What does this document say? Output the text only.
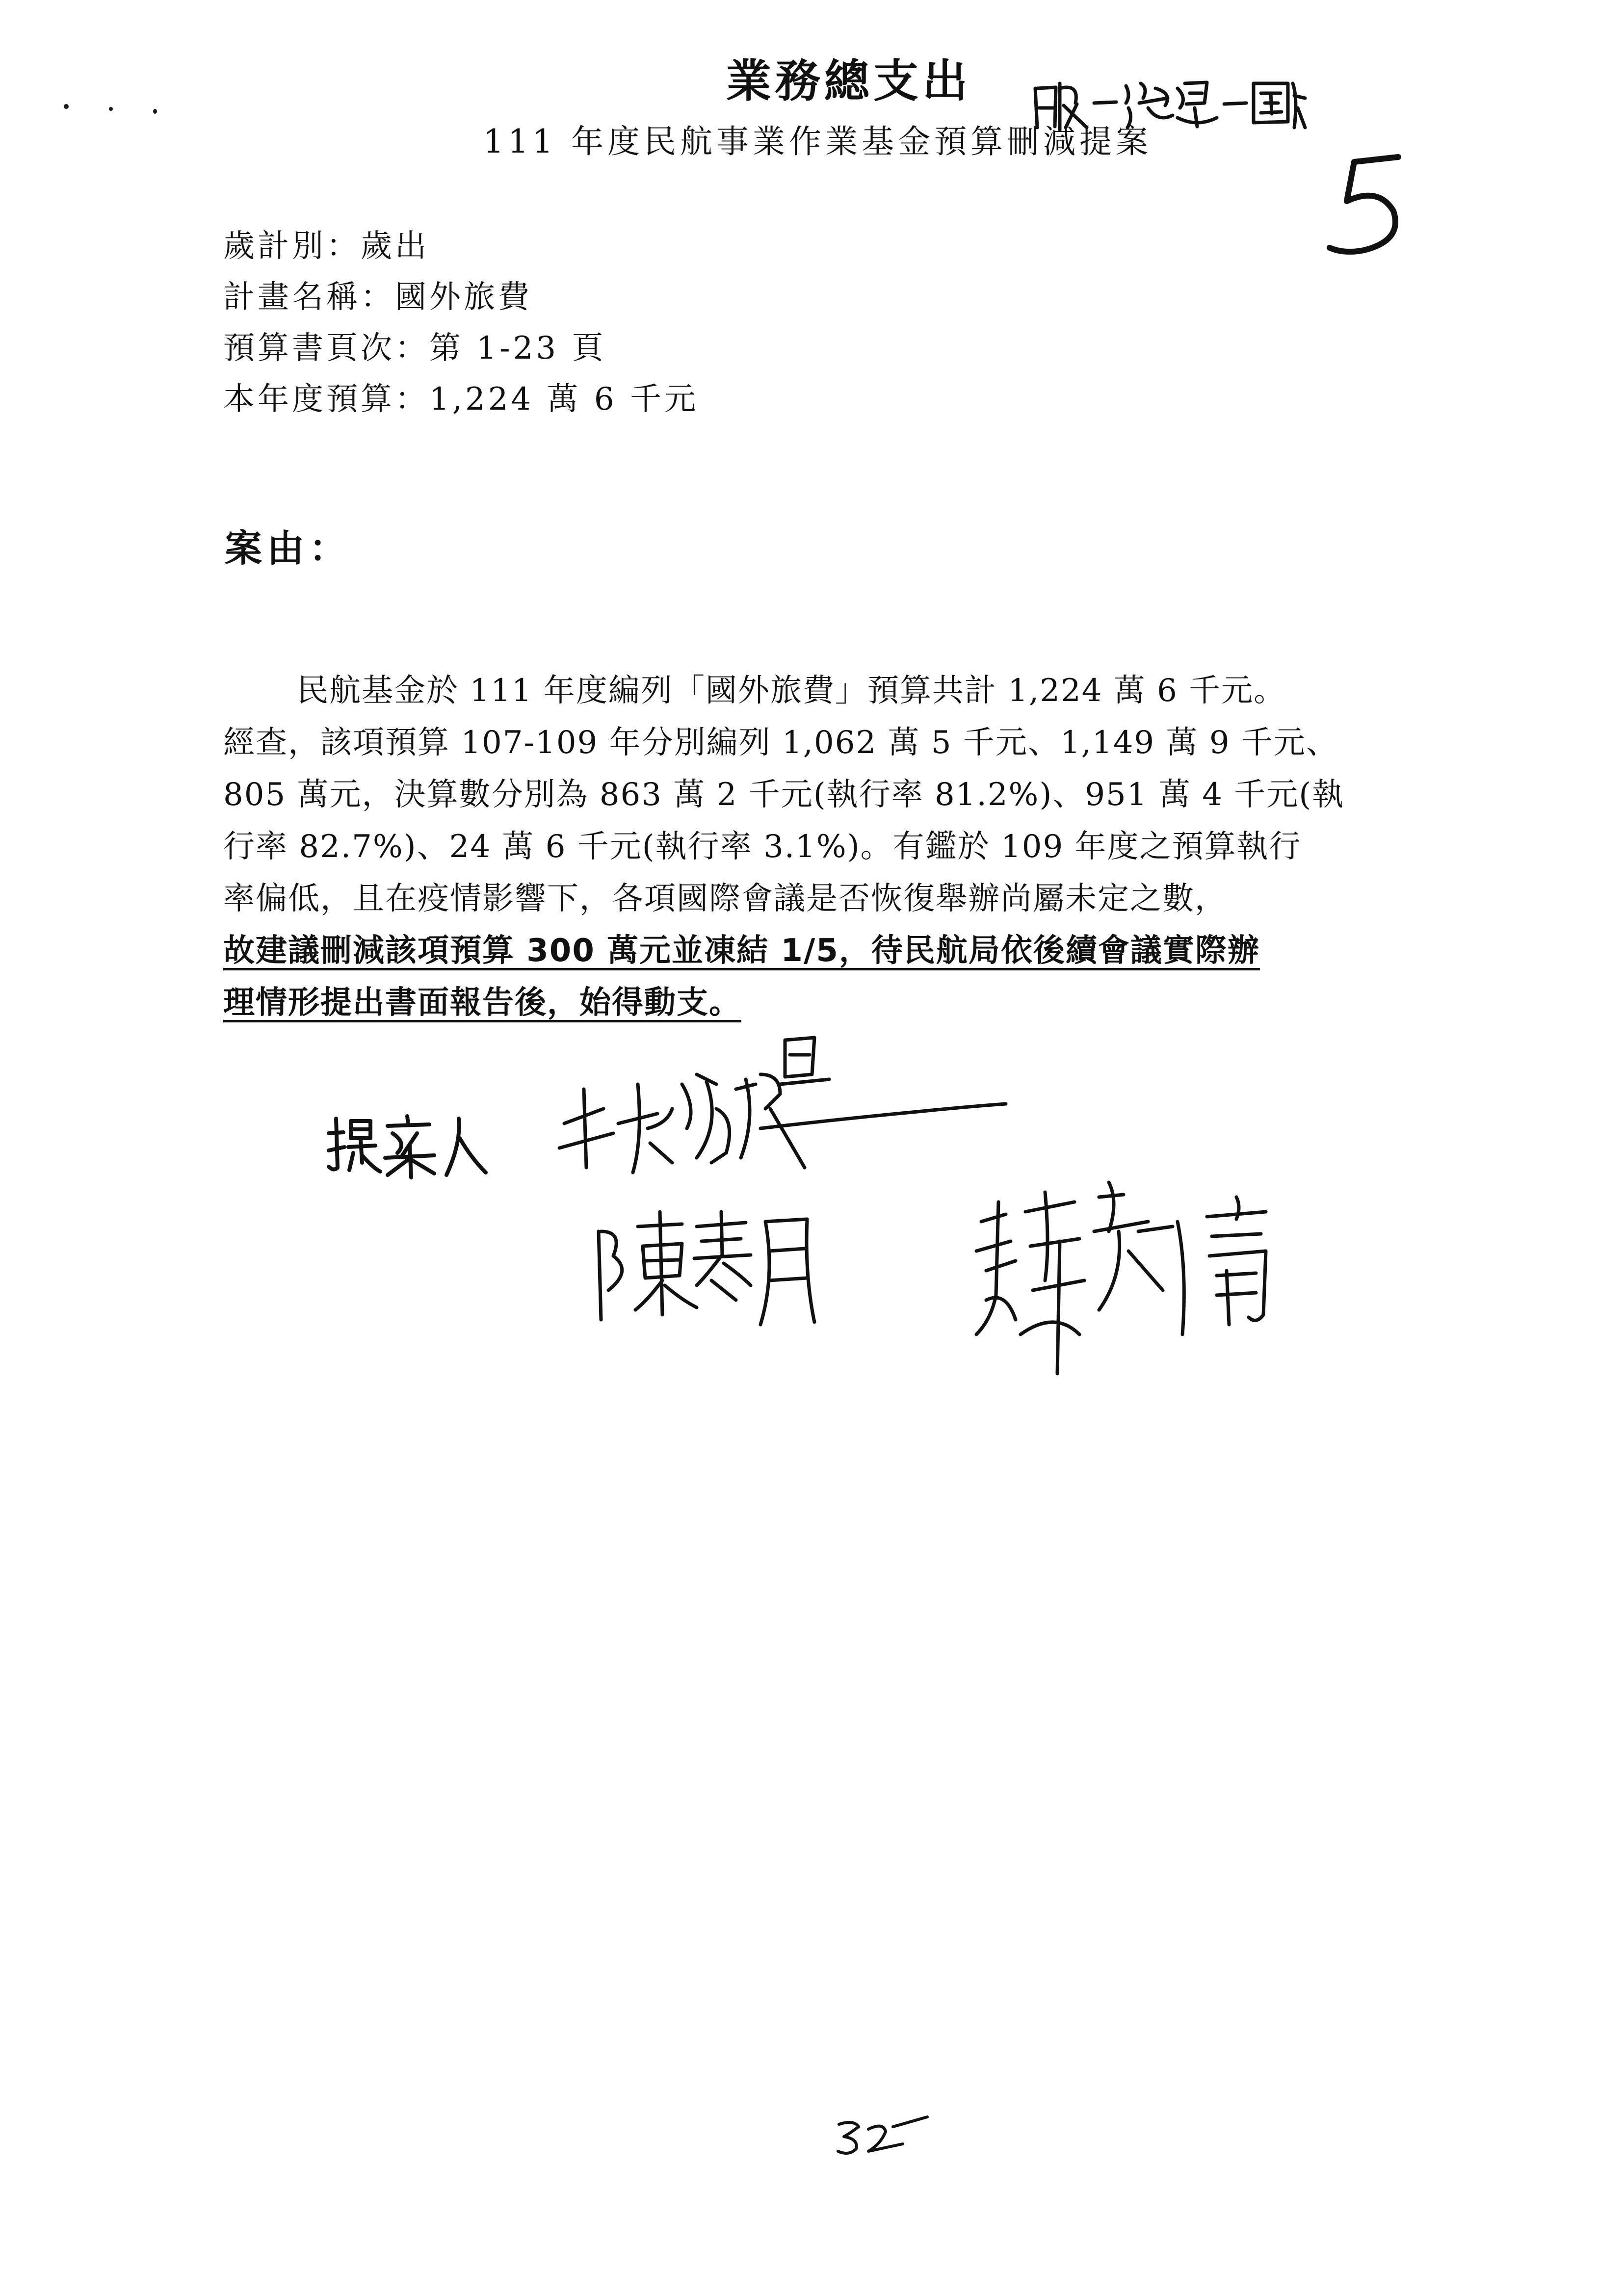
業務總支出
111 年度民航事業作業基金預算刪減提案
歲計別：歲出
計畫名稱：國外旅費
預算書頁次：第 1-23 頁
本年度預算：1,224 萬 6 千元
案由：
民航基金於 111 年度編列「國外旅費」預算共計 1,224 萬 6 千元。
經查，該項預算 107-109 年分別編列 1,062 萬 5 千元、1,149 萬 9 千元、
805 萬元，決算數分別為 863 萬 2 千元(執行率 81.2%)、951 萬 4 千元(執
行率 82.7%)、24 萬 6 千元(執行率 3.1%)。有鑑於 109 年度之預算執行
率偏低，且在疫情影響下，各項國際會議是否恢復舉辦尚屬未定之數，
故建議刪減該項預算 300 萬元並凍結 1/5，待民航局依後續會議實際辦
理情形提出書面報告後，始得動支。
